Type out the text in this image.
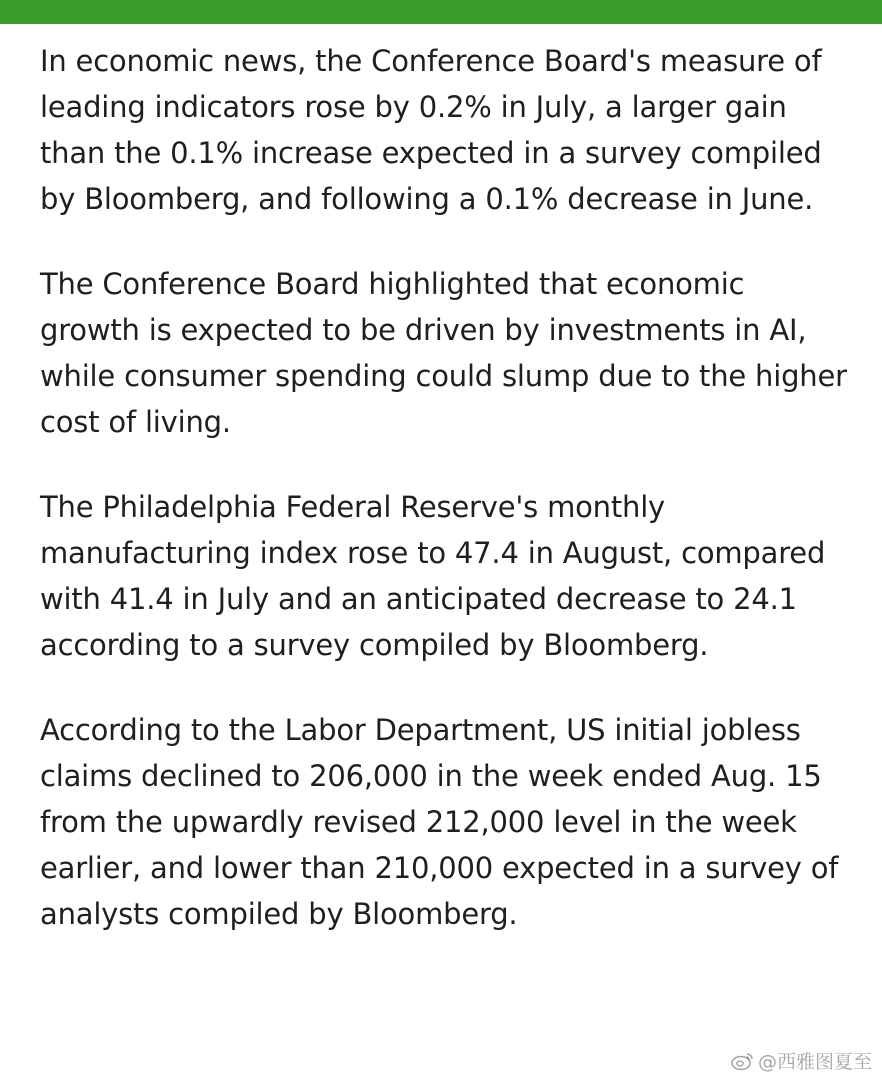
In economic news, the Conference Board's measure of leading indicators rose by 0.2% in July, a larger gain than the 0.1% increase expected in a survey compiled by Bloomberg, and following a 0.1% decrease in June.

The Conference Board highlighted that economic growth is expected to be driven by investments in AI, while consumer spending could slump due to the higher cost of living.

The Philadelphia Federal Reserve's monthly manufacturing index rose to 47.4 in August, compared with 41.4 in July and an anticipated decrease to 24.1 according to a survey compiled by Bloomberg.

According to the Labor Department, US initial jobless claims declined to 206,000 in the week ended Aug. 15 from the upwardly revised 212,000 level in the week earlier, and lower than 210,000 expected in a survey of analysts compiled by Bloomberg.

@西雅图夏至
